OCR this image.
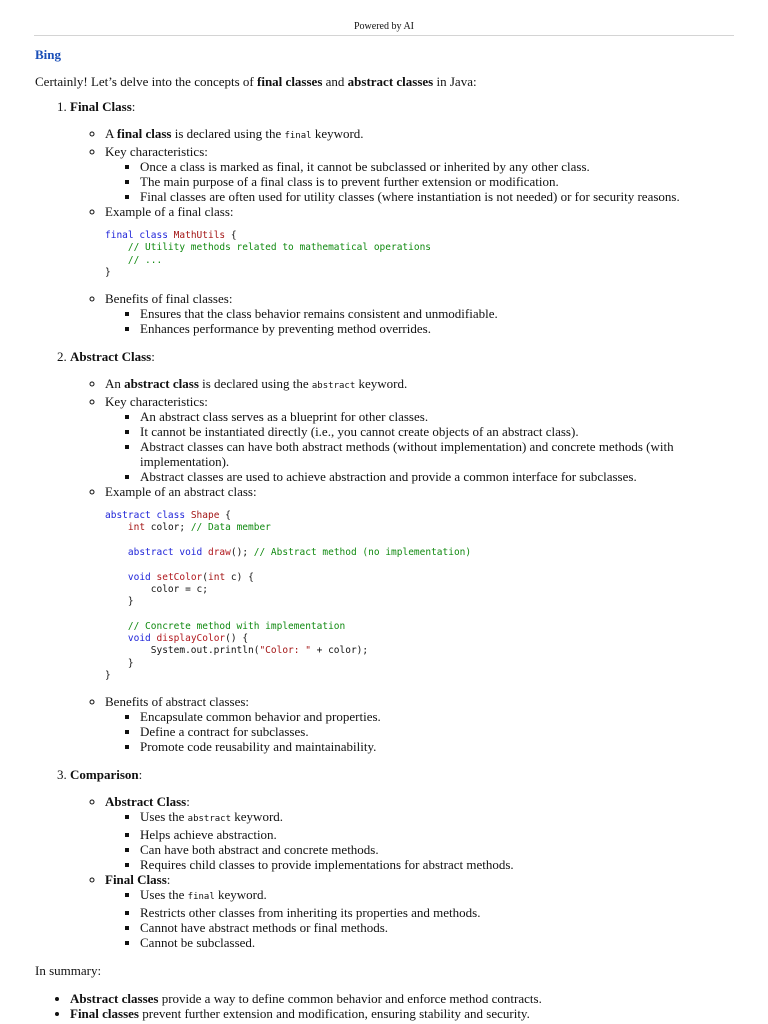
Powered by AI
Bing

Certainly! Let’s delve into the concepts of final classes and abstract classes in Java:

1. Final Class:
◦ A final class is declared using the final keyword.
◦ Key characteristics:
▪ Once a class is marked as final, it cannot be subclassed or inherited by any other class.
▪ The main purpose of a final class is to prevent further extension or modification.
▪ Final classes are often used for utility classes (where instantiation is not needed) or for security reasons.
◦ Example of a final class:
final class MathUtils {
// Utility methods related to mathematical operations
// ...
}
◦ Benefits of final classes:
▪ Ensures that the class behavior remains consistent and unmodifiable.
▪ Enhances performance by preventing method overrides.
2. Abstract Class:
◦ An abstract class is declared using the abstract keyword.
◦ Key characteristics:
▪ An abstract class serves as a blueprint for other classes.
▪ It cannot be instantiated directly (i.e., you cannot create objects of an abstract class).
▪ Abstract classes can have both abstract methods (without implementation) and concrete methods (with implementation).
▪ Abstract classes are used to achieve abstraction and provide a common interface for subclasses.
◦ Example of an abstract class:
abstract class Shape {
int color; // Data member

abstract void draw(); // Abstract method (no implementation)

void setColor(int c) {
color = c;
}

// Concrete method with implementation
void displayColor() {
System.out.println("Color: " + color);
}
}
◦ Benefits of abstract classes:
▪ Encapsulate common behavior and properties.
▪ Define a contract for subclasses.
▪ Promote code reusability and maintainability.
3. Comparison:
◦ Abstract Class:
▪ Uses the abstract keyword.
▪ Helps achieve abstraction.
▪ Can have both abstract and concrete methods.
▪ Requires child classes to provide implementations for abstract methods.
◦ Final Class:
▪ Uses the final keyword.
▪ Restricts other classes from inheriting its properties and methods.
▪ Cannot have abstract methods or final methods.
▪ Cannot be subclassed.

In summary:

• Abstract classes provide a way to define common behavior and enforce method contracts.
• Final classes prevent further extension and modification, ensuring stability and security.
